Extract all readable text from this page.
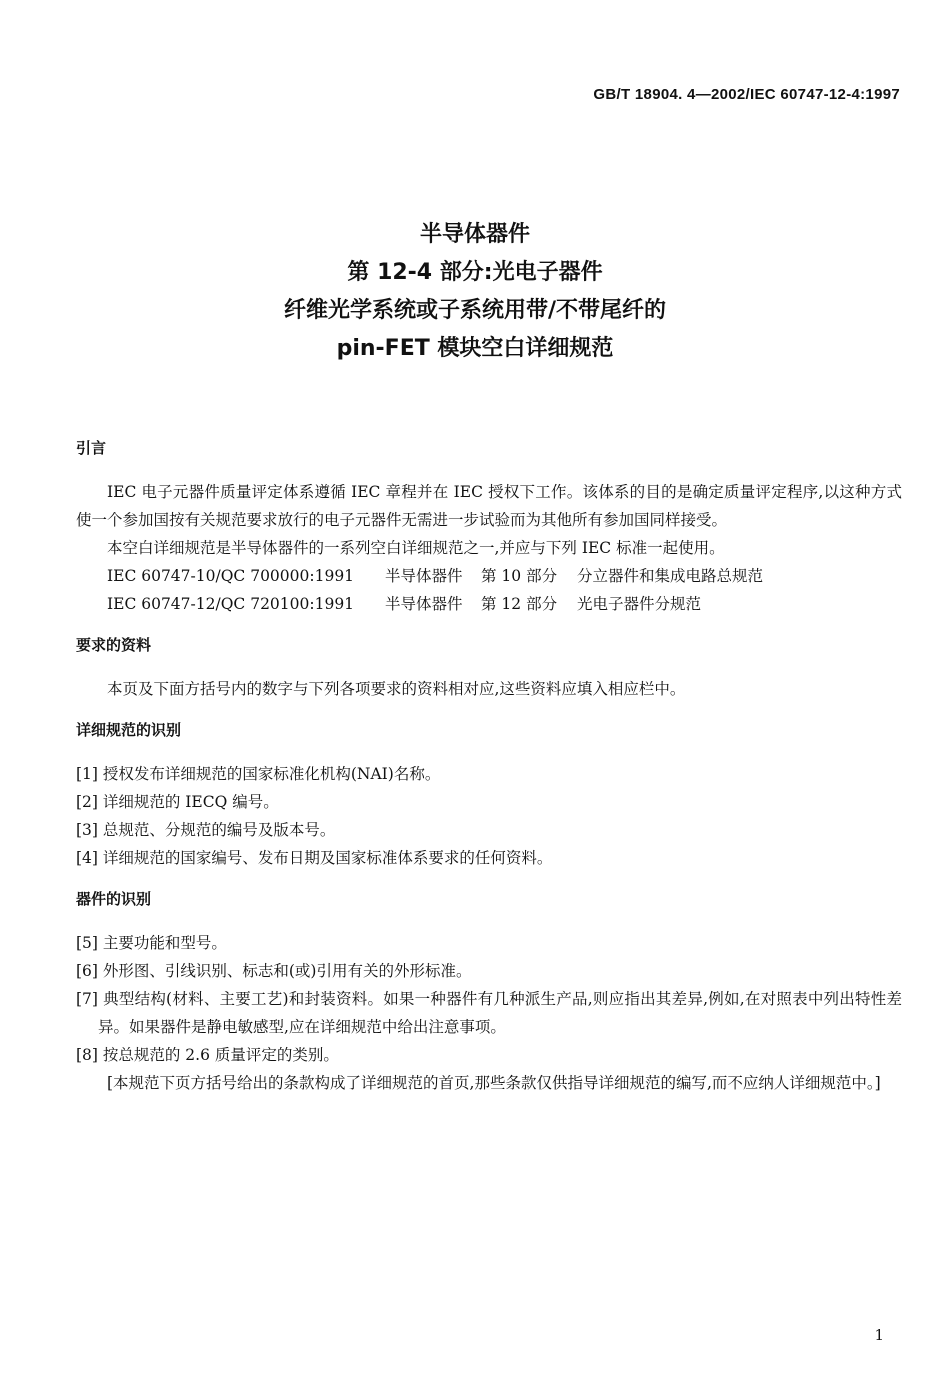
GB/T 18904. 4—2002/IEC 60747-12-4:1997
半导体器件
第 12-4 部分:光电子器件
纤维光学系统或子系统用带/不带尾纤的
pin-FET 模块空白详细规范
引言

IEC 电子元器件质量评定体系遵循 IEC 章程并在 IEC 授权下工作。该体系的目的是确定质量评定程序,以这种方式使一个参加国按有关规范要求放行的电子元器件无需进一步试验而为其他所有参加国同样接受。

本空白详细规范是半导体器件的一系列空白详细规范之一,并应与下列 IEC 标准一起使用。

IEC 60747-10/QC 700000:1991	半导体器件	第 10 部分	分立器件和集成电路总规范
IEC 60747-12/QC 720100:1991	半导体器件	第 12 部分	光电子器件分规范
要求的资料

本页及下面方括号内的数字与下列各项要求的资料相对应,这些资料应填入相应栏中。

详细规范的识别

[1] 授权发布详细规范的国家标准化机构(NAI)名称。

[2] 详细规范的 IECQ 编号。

[3] 总规范、分规范的编号及版本号。

[4] 详细规范的国家编号、发布日期及国家标准体系要求的任何资料。

器件的识别

[5] 主要功能和型号。

[6] 外形图、引线识别、标志和(或)引用有关的外形标准。

[7] 典型结构(材料、主要工艺)和封装资料。如果一种器件有几种派生产品,则应指出其差异,例如,在对照表中列出特性差异。如果器件是静电敏感型,应在详细规范中给出注意事项。

[8] 按总规范的 2.6 质量评定的类别。

[本规范下页方括号给出的条款构成了详细规范的首页,那些条款仅供指导详细规范的编写,而不应纳人详细规范中。]

1
